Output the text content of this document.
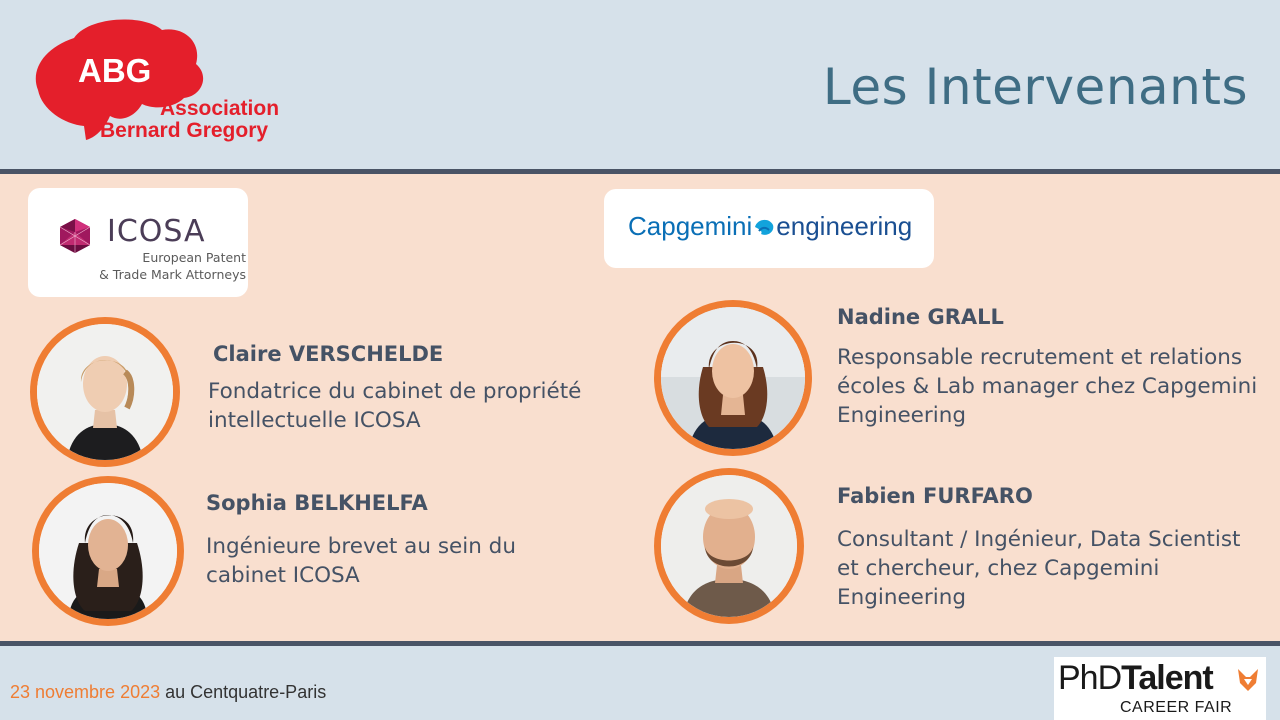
ABG
Association
Bernard Gregory
Les Intervenants
ICOSA
European Patent
& Trade Mark Attorneys
Capgemini engineering
Claire VERSCHELDE
Fondatrice du cabinet de propriété
intellectuelle ICOSA
Sophia BELKHELFA
Ingénieure brevet au sein du
cabinet ICOSA
Nadine GRALL
Responsable recrutement et relations
écoles & Lab manager chez Capgemini
Engineering
Fabien FURFARO
Consultant / Ingénieur, Data Scientist
et chercheur, chez Capgemini
Engineering
23 novembre 2023 au Centquatre-Paris	PhDTalent
CAREER FAIR
